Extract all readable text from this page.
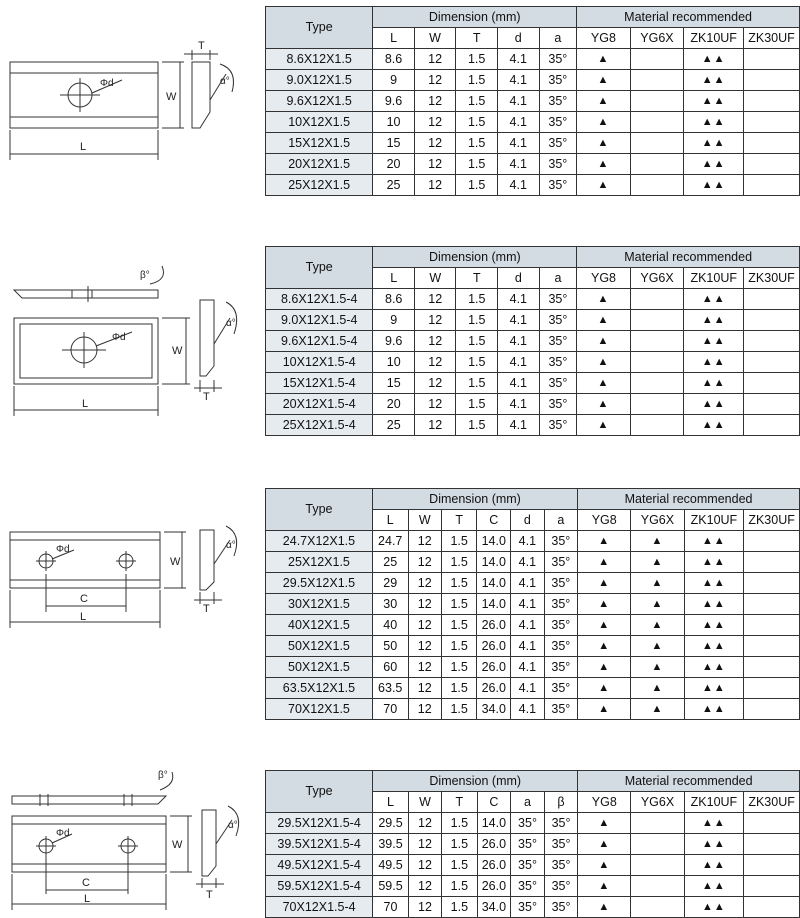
L
W
T
Φd	α°
Type	Dimension (mm)					Material recommended			
	L	W	T	d	a	YG8	YG6X	ZK10UF	ZK30UF
8.6X12X1.5	8.6	12	1.5	4.1	35°	▲		▲▲	
9.0X12X1.5	9	12	1.5	4.1	35°	▲		▲▲	
9.6X12X1.5	9.6	12	1.5	4.1	35°	▲		▲▲	
10X12X1.5	10	12	1.5	4.1	35°	▲		▲▲	
15X12X1.5	15	12	1.5	4.1	35°	▲		▲▲	
20X12X1.5	20	12	1.5	4.1	35°	▲		▲▲	
25X12X1.5	25	12	1.5	4.1	35°	▲		▲▲	
L
W
T
Φd
α°
β°
Type	Dimension (mm)					Material recommended			
	L	W	T	d	a	YG8	YG6X	ZK10UF	ZK30UF
8.6X12X1.5-4	8.6	12	1.5	4.1	35°	▲		▲▲	
9.0X12X1.5-4	9	12	1.5	4.1	35°	▲		▲▲	
9.6X12X1.5-4	9.6	12	1.5	4.1	35°	▲		▲▲	
10X12X1.5-4	10	12	1.5	4.1	35°	▲		▲▲	
15X12X1.5-4	15	12	1.5	4.1	35°	▲		▲▲	
20X12X1.5-4	20	12	1.5	4.1	35°	▲		▲▲	
25X12X1.5-4	25	12	1.5	4.1	35°	▲		▲▲	
C
L
W
T
Φd	α°
Type	Dimension (mm)						Material recommended			
	L	W	T	C	d	a	YG8	YG6X	ZK10UF	ZK30UF
24.7X12X1.5	24.7	12	1.5	14.0	4.1	35°	▲	▲	▲▲	
25X12X1.5	25	12	1.5	14.0	4.1	35°	▲	▲	▲▲	
29.5X12X1.5	29	12	1.5	14.0	4.1	35°	▲	▲	▲▲	
30X12X1.5	30	12	1.5	14.0	4.1	35°	▲	▲	▲▲	
40X12X1.5	40	12	1.5	26.0	4.1	35°	▲	▲	▲▲	
50X12X1.5	50	12	1.5	26.0	4.1	35°	▲	▲	▲▲	
50X12X1.5	60	12	1.5	26.0	4.1	35°	▲	▲	▲▲	
63.5X12X1.5	63.5	12	1.5	26.0	4.1	35°	▲	▲	▲▲	
70X12X1.5	70	12	1.5	34.0	4.1	35°	▲	▲	▲▲	
C
L
W
T
Φd
α°
β°
Type	Dimension (mm)						Material recommended			
	L	W	T	C	a	β	YG8	YG6X	ZK10UF	ZK30UF
29.5X12X1.5-4	29.5	12	1.5	14.0	35°	35°	▲		▲▲	
39.5X12X1.5-4	39.5	12	1.5	26.0	35°	35°	▲		▲▲	
49.5X12X1.5-4	49.5	12	1.5	26.0	35°	35°	▲		▲▲	
59.5X12X1.5-4	59.5	12	1.5	26.0	35°	35°	▲		▲▲	
70X12X1.5-4	70	12	1.5	34.0	35°	35°	▲		▲▲	
